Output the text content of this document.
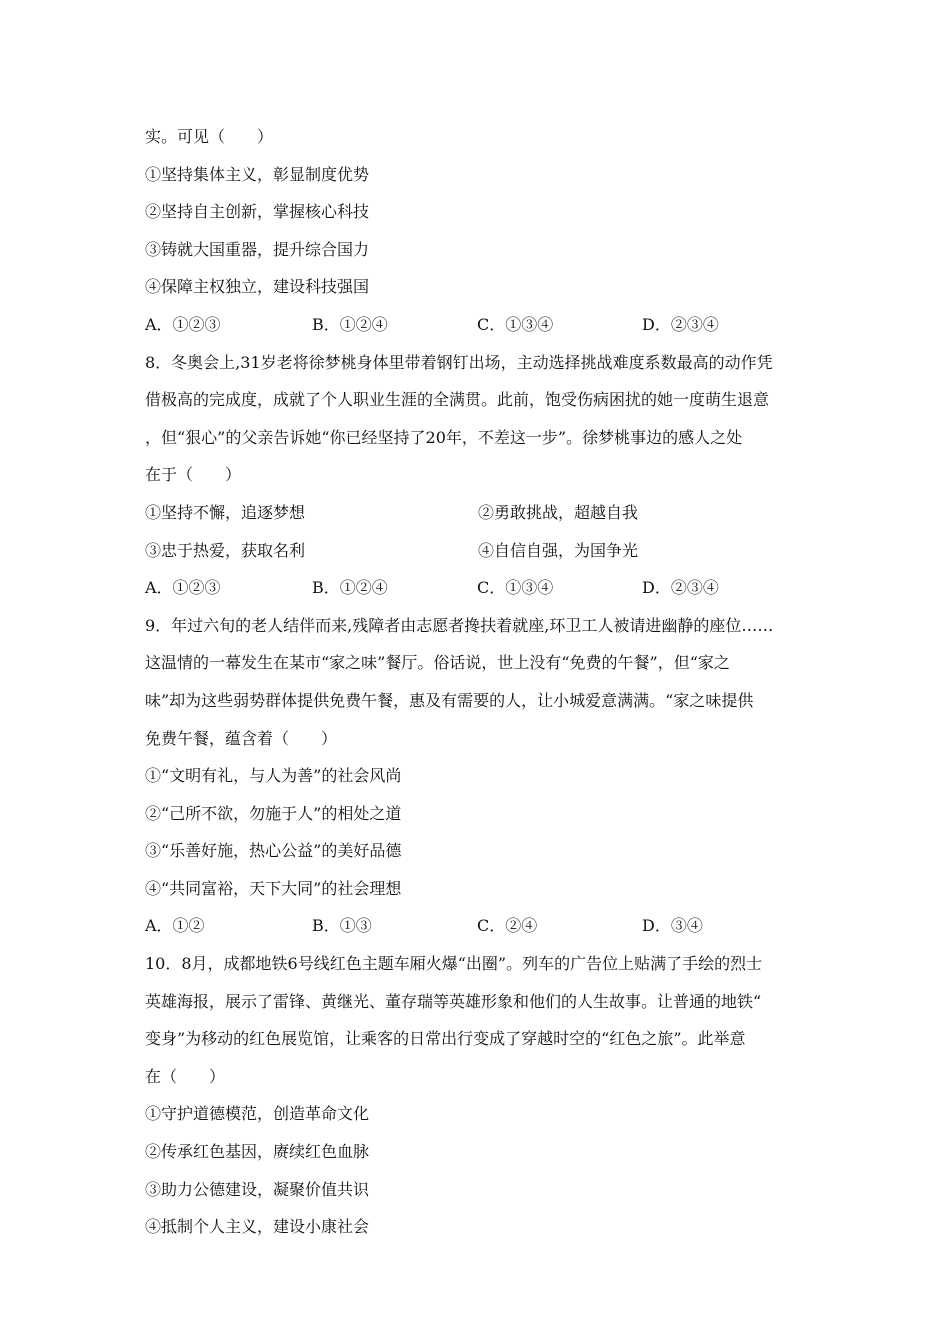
实。可见（　　）
①坚持集体主义，彰显制度优势
②坚持自主创新，掌握核心科技
③铸就大国重器，提升综合国力
④保障主权独立，建设科技强国
A．①②③	B．①②④	C．①③④	D．②③④
8．冬奥会上,31岁老将徐梦桃身体里带着钢钉出场，主动选择挑战难度系数最高的动作凭
借极高的完成度，成就了个人职业生涯的全满贯。此前，饱受伤病困扰的她一度萌生退意
，但“狠心”的父亲告诉她“你已经坚持了20年，不差这一步”。徐梦桃事边的感人之处
在于（　　）
①坚持不懈，追逐梦想	②勇敢挑战，超越自我
③忠于热爱，获取名利	④自信自强，为国争光
A．①②③	B．①②④	C．①③④	D．②③④
9．年过六旬的老人结伴而来,残障者由志愿者搀扶着就座,环卫工人被请进幽静的座位……
这温情的一幕发生在某市“家之味”餐厅。俗话说，世上没有“免费的午餐”，但“家之
味”却为这些弱势群体提供免费午餐，惠及有需要的人，让小城爱意满满。“家之味提供
免费午餐，蕴含着（　　）
①“文明有礼，与人为善”的社会风尚
②“己所不欲，勿施于人”的相处之道
③“乐善好施，热心公益”的美好品德
④“共同富裕，天下大同”的社会理想
A．①②	B．①③	C．②④	D．③④
10．8月，成都地铁6号线红色主题车厢火爆“出圈”。列车的广告位上贴满了手绘的烈士
英雄海报，展示了雷锋、黄继光、董存瑞等英雄形象和他们的人生故事。让普通的地铁“
变身”为移动的红色展览馆，让乘客的日常出行变成了穿越时空的“红色之旅”。此举意
在（　　）
①守护道德模范，创造革命文化
②传承红色基因，赓续红色血脉
③助力公德建设，凝聚价值共识
④抵制个人主义，建设小康社会
